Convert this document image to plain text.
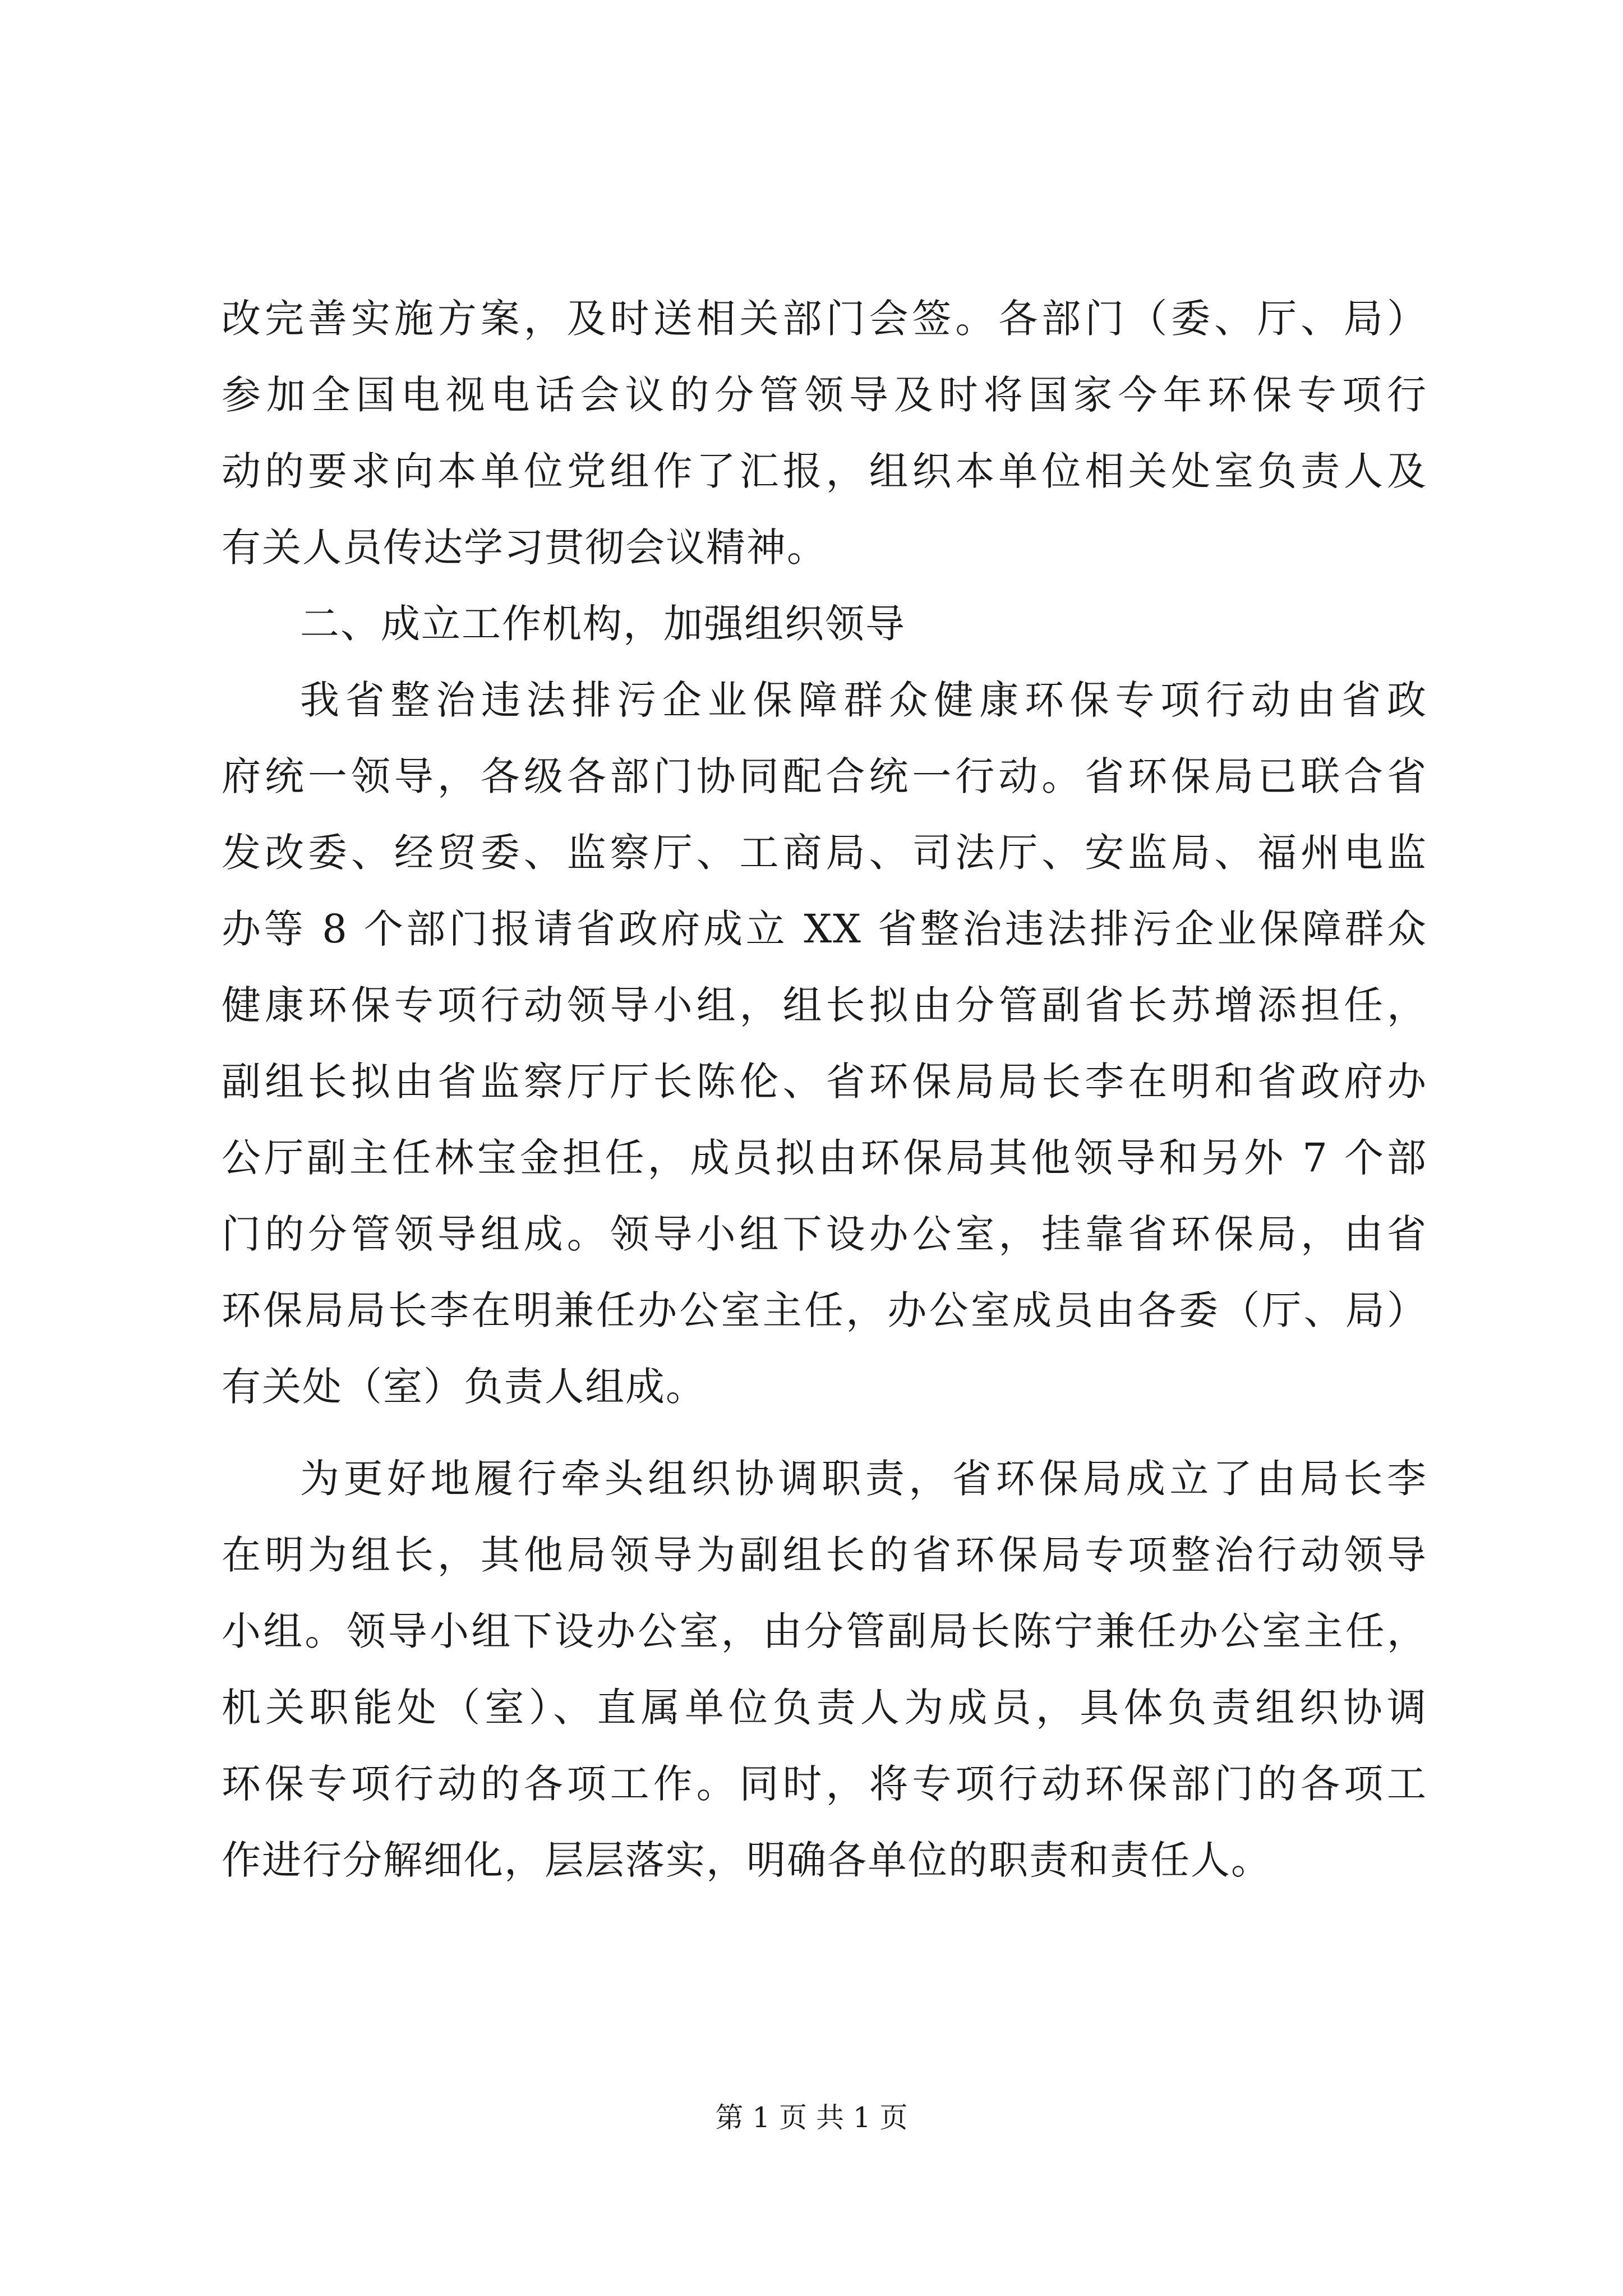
改完善实施方案，及时送相关部门会签。各部门（委、厅、局）
参加全国电视电话会议的分管领导及时将国家今年环保专项行
动的要求向本单位党组作了汇报，组织本单位相关处室负责人及
有关人员传达学习贯彻会议精神。
二、成立工作机构，加强组织领导
我省整治违法排污企业保障群众健康环保专项行动由省政
府统一领导，各级各部门协同配合统一行动。省环保局已联合省
发改委、经贸委、监察厅、工商局、司法厅、安监局、福州电监
办等 8 个部门报请省政府成立 XX 省整治违法排污企业保障群众
健康环保专项行动领导小组，组长拟由分管副省长苏增添担任，
副组长拟由省监察厅厅长陈伦、省环保局局长李在明和省政府办
公厅副主任林宝金担任，成员拟由环保局其他领导和另外 7 个部
门的分管领导组成。领导小组下设办公室，挂靠省环保局，由省
环保局局长李在明兼任办公室主任，办公室成员由各委（厅、局）
有关处（室）负责人组成。
为更好地履行牵头组织协调职责，省环保局成立了由局长李
在明为组长，其他局领导为副组长的省环保局专项整治行动领导
小组。领导小组下设办公室，由分管副局长陈宁兼任办公室主任，
机关职能处（室）、直属单位负责人为成员，具体负责组织协调
环保专项行动的各项工作。同时，将专项行动环保部门的各项工
作进行分解细化，层层落实，明确各单位的职责和责任人。
第 1 页 共 1 页
